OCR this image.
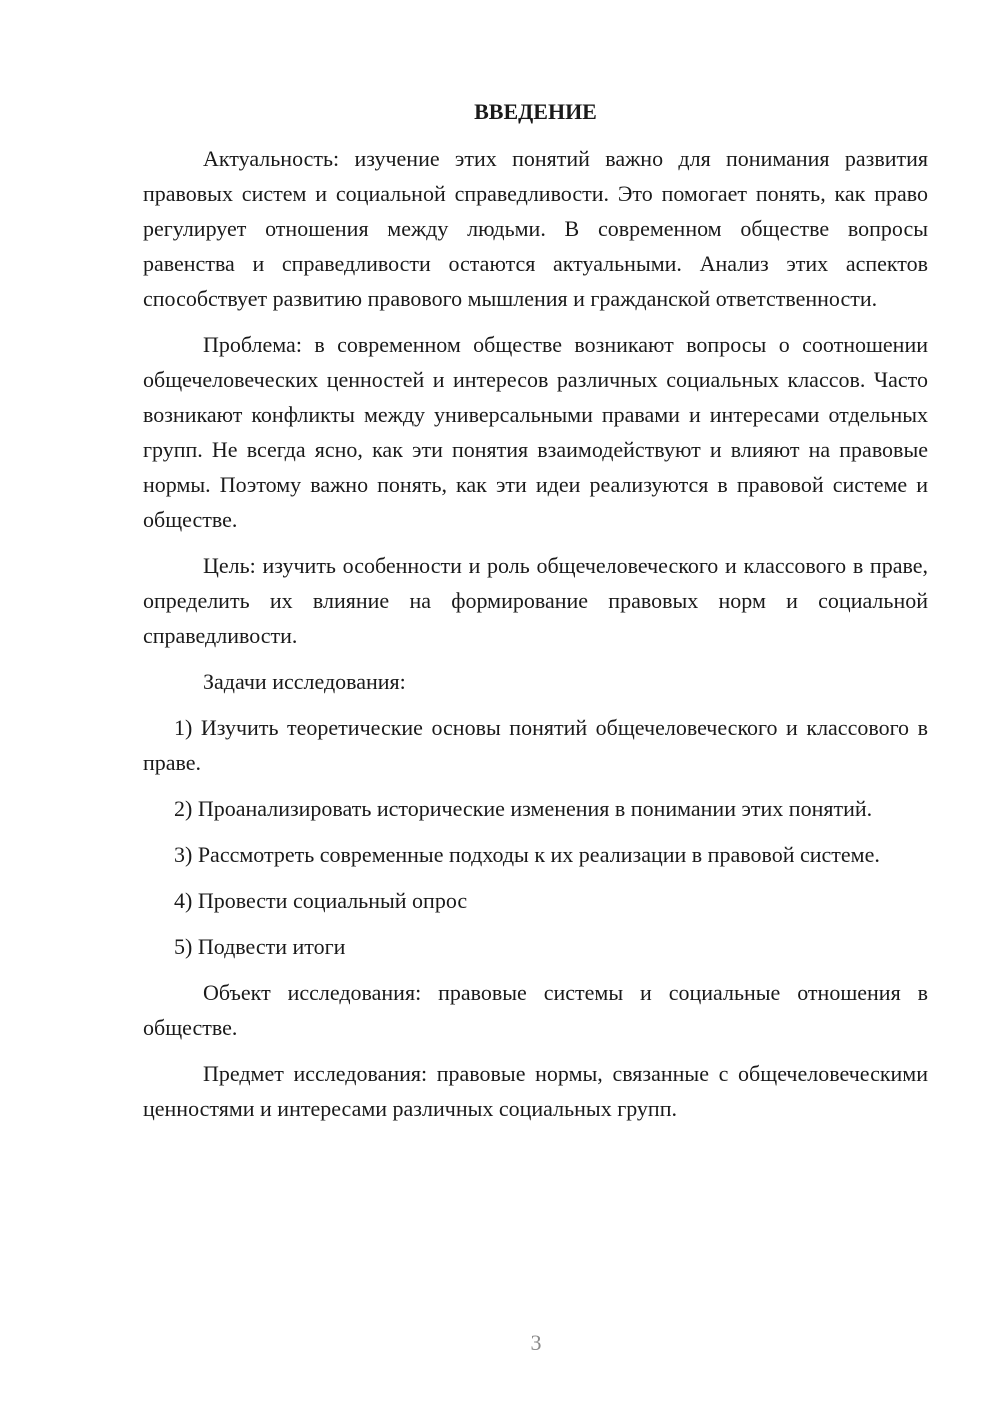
ВВЕДЕНИЕ

Актуальность: изучение этих понятий важно для понимания развития правовых систем и социальной справедливости. Это помогает понять, как право регулирует отношения между людьми. В современном обществе вопросы равенства и справедливости остаются актуальными. Анализ этих аспектов способствует развитию правового мышления и гражданской ответственности.

Проблема: в современном обществе возникают вопросы о соотношении общечеловеческих ценностей и интересов различных социальных классов. Часто возникают конфликты между универсальными правами и интересами отдельных групп. Не всегда ясно, как эти понятия взаимодействуют и влияют на правовые нормы. Поэтому важно понять, как эти идеи реализуются в правовой системе и обществе.

Цель: изучить особенности и роль общечеловеческого и классового в праве, определить их влияние на формирование правовых норм и социальной справедливости.

Задачи исследования:

1) Изучить теоретические основы понятий общечеловеческого и классового в праве.

2) Проанализировать исторические изменения в понимании этих понятий.

3) Рассмотреть современные подходы к их реализации в правовой системе.

4) Провести социальный опрос

5) Подвести итоги

Объект исследования: правовые системы и социальные отношения в обществе.

Предмет исследования: правовые нормы, связанные с общечеловеческими ценностями и интересами различных социальных групп.

3
